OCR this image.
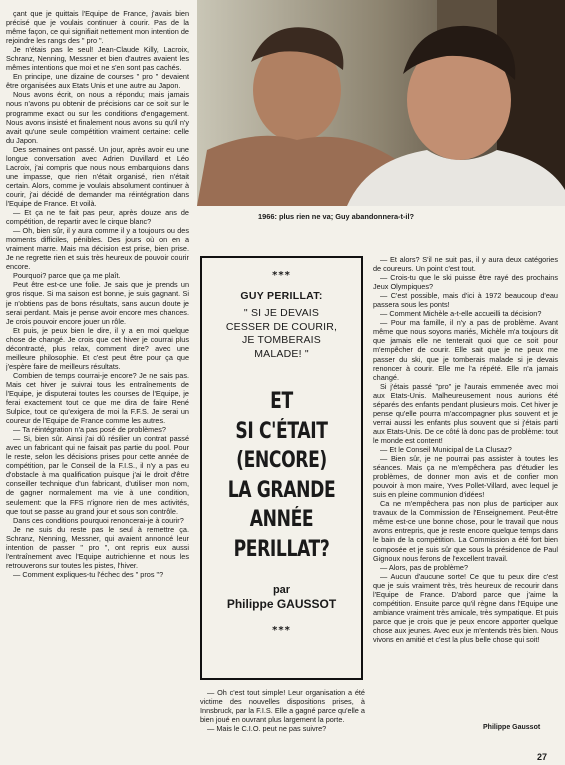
çant que je quittais l'Equipe de France, j'avais bien précisé que je voulais continuer à courir. Pas de la même façon, ce qui signifiait nettement mon intention de rejoindre les rangs des " pro ".

Je n'étais pas le seul! Jean-Claude Killy, Lacroix, Schranz, Nenning, Messner et bien d'autres avaient les mêmes intentions que moi et ne s'en sont pas cachés.

En principe, une dizaine de courses " pro " devaient être organisées aux Etats Unis et une autre au Japon.

Nous avons écrit, on nous a répondu; mais jamais nous n'avons pu obtenir de précisions car ce soit sur le programme exact ou sur les conditions d'engagement. Nous avons insisté et finalement nous avons su qu'il n'y avait qu'une seule compétition vraiment certaine: celle du Japon.

Des semaines ont passé. Un jour, après avoir eu une longue conversation avec Adrien Duvillard et Léo Lacroix, j'ai compris que nous nous embarquions dans une impasse, que rien n'était organisé, rien n'était certain. Alors, comme je voulais absolument continuer à courir, j'ai décidé de demander ma réintégration dans l'Equipe de France. Et voilà.

— Et ça ne te fait pas peur, après douze ans de compétition, de repartir avec le cirque blanc?

— Oh, bien sûr, il y aura comme il y a toujours ou des moments difficiles, pénibles. Des jours où on en a vraiment marre. Mais ma décision est prise, bien prise. Je ne regrette rien et suis très heureux de pouvoir courir encore.

Pourquoi? parce que ça me plaît.

Peut être est-ce une folie. Je sais que je prends un gros risque. Si ma saison est bonne, je suis gagnant. Si je n'obtiens pas de bons résultats, sans aucun doute je serai perdant. Mais je pense avoir encore mes chances. Je crois pouvoir encore jouer un rôle.

Et puis, je peux bien le dire, il y a en moi quelque chose de changé. Je crois que cet hiver je courrai plus décontracté, plus relax, comment dire? avec une meilleure philosophie. Et c'est peut être pour ça que j'espère faire de meilleurs résultats.

Combien de temps courrai-je encore? Je ne sais pas. Mais cet hiver je suivrai tous les entraînements de l'Equipe, je disputerai toutes les courses de l'Equipe, je ferai exactement tout ce que me dira de faire René Sulpice, tout ce qu'exigera de moi la F.F.S. Je serai un coureur de l'Equipe de France comme les autres.

— Ta réintégration n'a pas posé de problèmes?

— Si, bien sûr. Ainsi j'ai dû résilier un contrat passé avec un fabricant qui ne faisait pas partie du pool. Pour le reste, selon les décisions prises pour cette année de compétition, par le Conseil de la F.I.S., il n'y a pas eu d'obstacle à ma qualification puisque j'ai le droit d'être conseiller technique d'un fabricant, d'utiliser mon nom, de gagner normalement ma vie à une condition, seulement: que la FFS n'ignore rien de mes activités, que tout se passe au grand jour et sous son contrôle.

Dans ces conditions pourquoi renoncerai-je à courir?

Je ne suis du reste pas le seul à remettre ça. Schranz, Nenning, Messner, qui avaient annoncé leur intention de passer " pro ", ont repris eux aussi l'entraînement avec l'Equipe autrichienne et nous les retrouverons sur toutes les pistes, l'hiver.

— Comment expliques-tu l'échec des " pros "?

1966: plus rien ne va; Guy abandonnera-t-il?
***
GUY PERILLAT:
" SI JE DEVAIS
CESSER DE COURIR,
JE TOMBERAIS
MALADE! "
ET
SI C'ÉTAIT
(ENCORE)
LA GRANDE
ANNÉE
PERILLAT?
par
Philippe GAUSSOT
***

— Oh c'est tout simple! Leur organisation a été victime des nouvelles dispositions prises, à Innsbruck, par la F.I.S. Elle a gagné parce qu'elle a bien joué en ouvrant plus largement la porte.

— Mais le C.I.O. peut ne pas suivre?

— Et alors? S'il ne suit pas, il y aura deux catégories de coureurs. Un point c'est tout.

— Crois-tu que le ski puisse être rayé des prochains Jeux Olympiques?

— C'est possible, mais d'ici à 1972 beaucoup d'eau passera sous les ponts!

— Comment Michèle a-t-elle accueilli ta décision?

— Pour ma famille, il n'y a pas de problème. Avant même que nous soyons mariés, Michèle m'a toujours dit que jamais elle ne tenterait quoi que ce soit pour m'empêcher de courir. Elle sait que je ne peux me passer du ski, que je tomberais malade si je devais renoncer à courir. Elle me l'a répété. Elle n'a jamais changé.

Si j'étais passé "pro" je l'aurais emmenée avec moi aux Etats-Unis. Malheureusement nous aurions été séparés des enfants pendant plusieurs mois. Cet hiver je pense qu'elle pourra m'accompagner plus souvent et je verrai aussi les enfants plus souvent que si j'étais parti aux Etats-Unis. De ce côté là donc pas de problème: tout le monde est content!

— Et le Conseil Municipal de La Clusaz?

— Bien sûr, je ne pourrai pas assister à toutes les séances. Mais ça ne m'empêchera pas d'étudier les problèmes, de donner mon avis et de confier mon pouvoir à mon maire, Yves Pollet-Villard, avec lequel je suis en pleine communion d'idées!

Ca ne m'empêchera pas non plus de participer aux travaux de la Commission de l'Enseignement. Peut-être même est-ce une bonne chose, pour le travail que nous avons entrepris, que je reste encore quelque temps dans le bain de la compétition. La Commission a été fort bien composée et je suis sûr que sous la présidence de Paul Gignoux nous ferons de l'excellent travail.

— Alors, pas de problème?

— Aucun d'aucune sorte! Ce que tu peux dire c'est que je suis vraiment très, très heureux de recourir dans l'Equipe de France. D'abord parce que j'aime la compétition. Ensuite parce qu'il règne dans l'Equipe une ambiance vraiment très amicale, très sympatique. Et puis parce que je crois que je peux encore apporter quelque chose aux jeunes. Avec eux je m'entends très bien. Nous vivons en amitié et c'est la plus belle chose qui soit!

Philippe Gaussot
27
